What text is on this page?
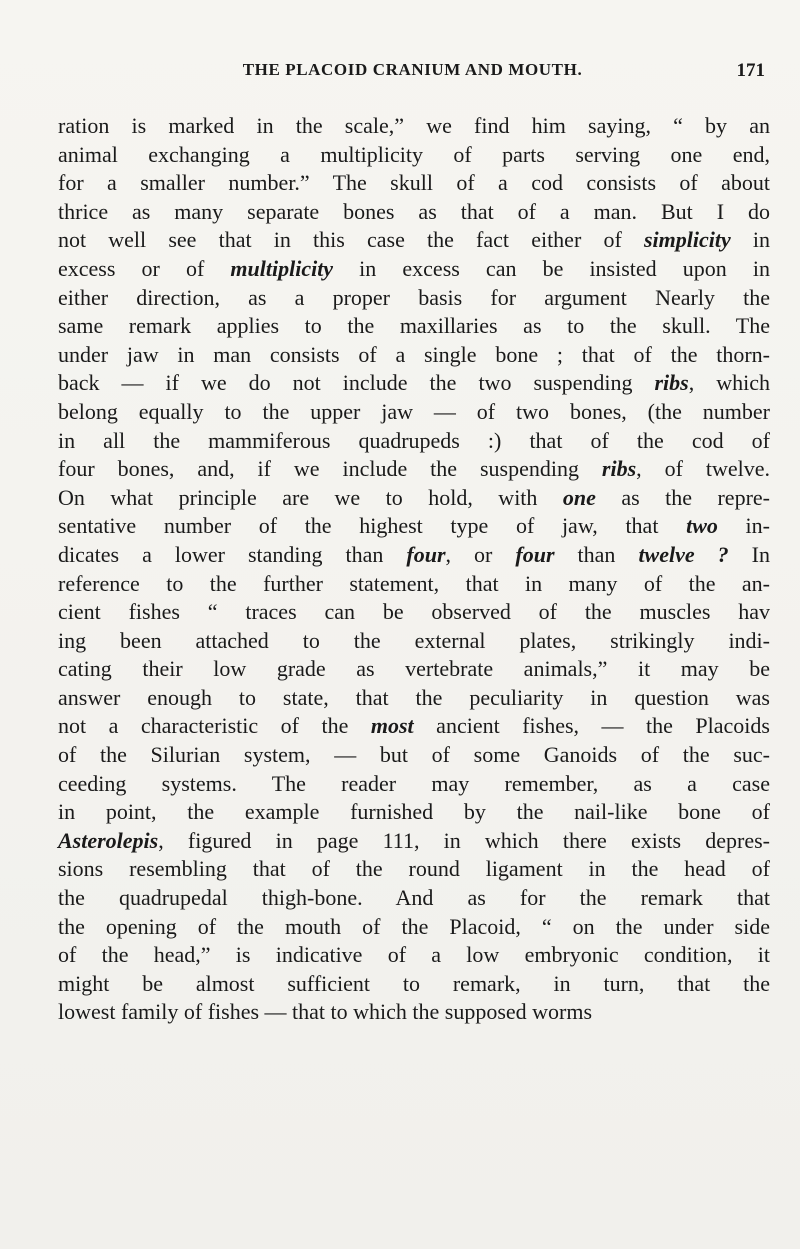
THE PLACOID CRANIUM AND MOUTH.	171
ration is marked in the scale,” we find him saying, “ by an
animal exchanging a multiplicity of parts serving one end,
for a smaller number.” The skull of a cod consists of about
thrice as many separate bones as that of a man. But I do
not well see that in this case the fact either of simplicity in
excess or of multiplicity in excess can be insisted upon in
either direction, as a proper basis for argument Nearly the
same remark applies to the maxillaries as to the skull. The
under jaw in man consists of a single bone ; that of the thorn-
back — if we do not include the two suspending ribs, which
belong equally to the upper jaw — of two bones, (the number
in all the mammiferous quadrupeds :) that of the cod of
four bones, and, if we include the suspending ribs, of twelve.
On what principle are we to hold, with one as the repre-
sentative number of the highest type of jaw, that two in-
dicates a lower standing than four, or four than twelve ? In
reference to the further statement, that in many of the an-
cient fishes “ traces can be observed of the muscles hav
ing been attached to the external plates, strikingly indi-
cating their low grade as vertebrate animals,” it may be
answer enough to state, that the peculiarity in question was
not a characteristic of the most ancient fishes, — the Placoids
of the Silurian system, — but of some Ganoids of the suc-
ceeding systems. The reader may remember, as a case
in point, the example furnished by the nail-like bone of
Asterolepis, figured in page 111, in which there exists depres-
sions resembling that of the round ligament in the head of
the quadrupedal thigh-bone. And as for the remark that
the opening of the mouth of the Placoid, “ on the under side
of the head,” is indicative of a low embryonic condition, it
might be almost sufficient to remark, in turn, that the
lowest family of fishes — that to which the supposed worms
